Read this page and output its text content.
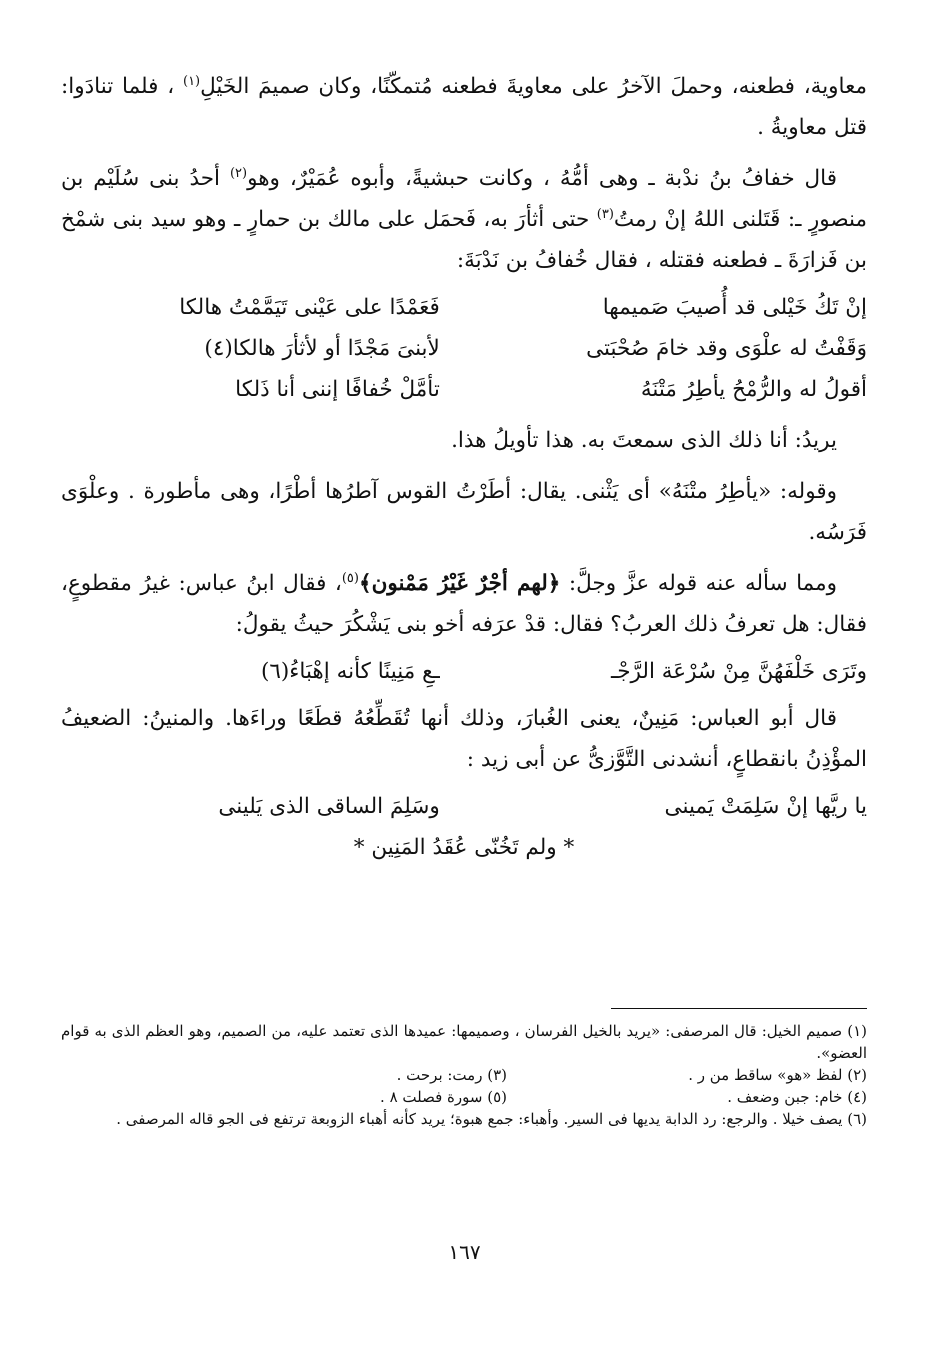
معاوية، فطعنه، وحملَ الآخرُ على معاويةَ فطعنه مُتمكّنًا، وكان صميمَ الخَيْلِ$^{(١)}$ ، فلما تنادَوا: قتل معاويةُ .

قال خفافُ بنُ ندْبة ـ وهى أمُّهُ ، وكانت حبشيةً، وأبوه عُمَيْرٌ، وهو$^{(٢)}$ أحدُ بنى سُلَيْم بن منصورٍ ـ: قَتَلنى اللهُ إنْ رمتُ$^{(٣)}$ حتى أثأرَ به، فَحمَل على مالك بن حمارٍ ـ وهو سيد بنى شمْخ بن فَزارَةَ ـ فطعنه فقتله ، فقال خُفافُ بن نَدْبَةَ:

إنْ تَكُ خَيْلى قد أُصيبَ صَميمها
فَعَمْدًا على عَيْنى تَيَمَّمْتُ هالكا
وَقَفْتُ له علْوَى وقد خامَ صُحْبَتى
لأبنىَ مَجْدًا أو لأثأرَ هالكا(٤)
أقولُ له والرُّمْحُ يأطِرُ مَتْنَهُ
تأمَّلْ خُفافًا إننى أنا ذَلكا

يريدُ: أنا ذلك الذى سمعتَ به. هذا تأويلُ هذا.

وقوله: «يأطِرُ متْنَهُ» أى يَثْنى. يقال: أطَرْتُ القوس آطرُها أطْرًا، وهى مأطورة . وعلْوَى فَرَسُه.

ومما سأله عنه قوله عزَّ وجلَّ: ﴿لهم أجْرٌ غَيْرُ مَمْنون﴾$^{(٥)}$، فقال ابنُ عباس: غيرُ مقطوعٍ، فقال: هل تعرفُ ذلك العربُ؟ فقال: قدْ عرَفه أخو بنى يَشْكُرَ حيثُ يقولُ:

وتَرَى خَلْفَهُنَّ مِنْ سُرْعَة الرَّجْـ
ـعِ مَنِينًا كأنه إهْبَاءُ(٦)

قال أبو العباس: مَنِينٌ، يعنى الغُبارَ، وذلك أنها تُقَطِّعُهُ قطَعًا وراءَها. والمنينُ: الضعيفُ المؤْذِنُ بانقطاعٍ، أنشدنى التَّوَّزىُّ عن أبى زيد :

يا ريَّها إنْ سَلِمَتْ يَمينى
وسَلِمَ الساقى الذى يَلينى
* ولم تَخُنّى عُقَدُ المَنِين *

(١) صميم الخيل: قال المرصفى: «يريد بالخيل الفرسان ، وصميمها: عميدها الذى تعتمد عليه، من الصميم، وهو العظم الذى به قوام العضو».

(٢) لفظ «هو» ساقط من ر .

(٣) رمت: برحت .

(٤) خام: جبن وضعف .

(٥) سورة فصلت ٨ .

(٦) يصف خيلا . والرجع: رد الدابة يديها فى السير. وأهباء: جمع هبوة؛ يريد كأنه أهباء الزوبعة ترتفع فى الجو قاله المرصفى .

١٦٧
